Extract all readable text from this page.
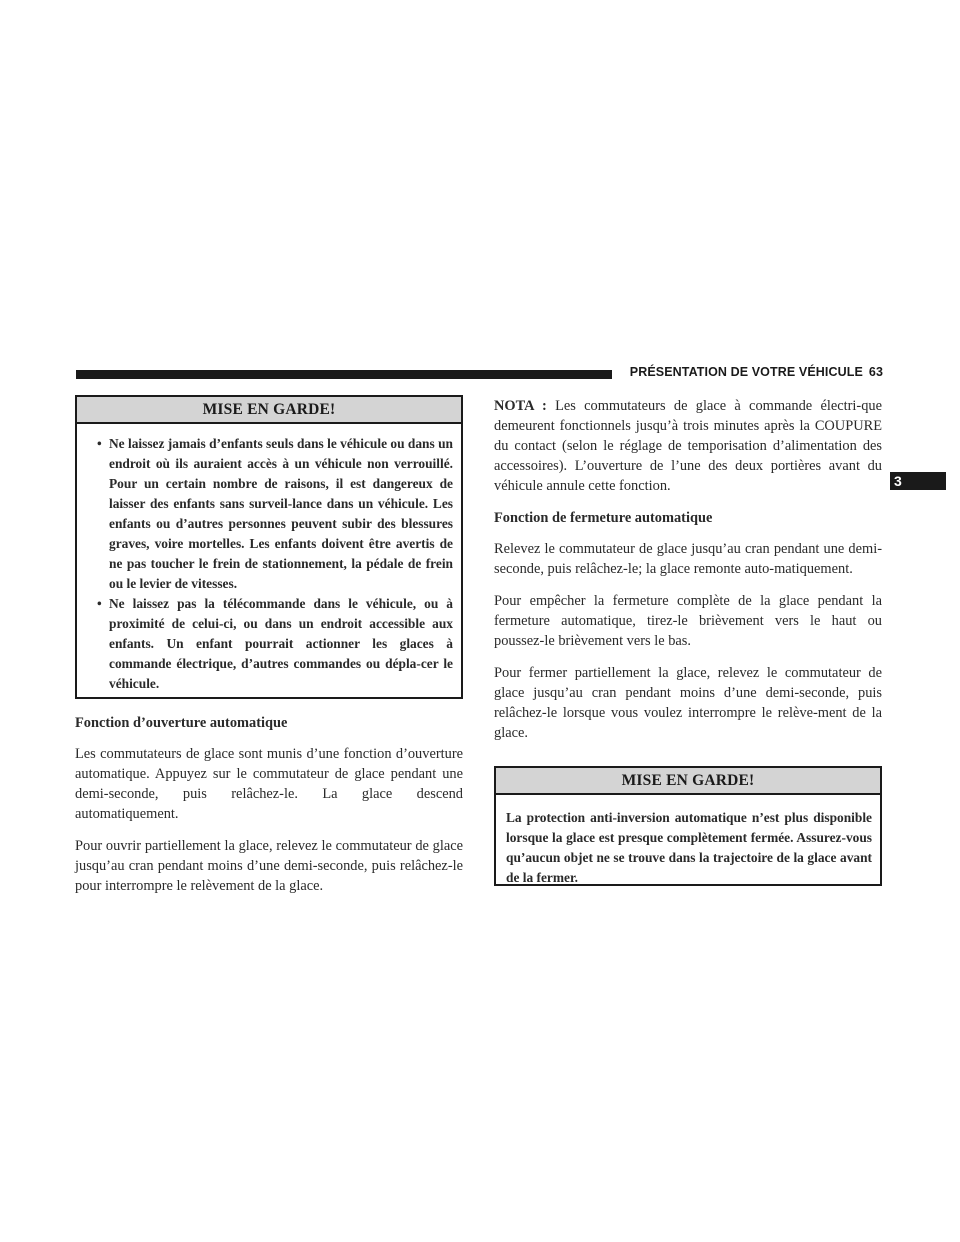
PRÉSENTATION DE VOTRE VÉHICULE 63
3
MISE EN GARDE!
• Ne laissez jamais d’enfants seuls dans le véhicule ou dans un endroit où ils auraient accès à un véhicule non verrouillé. Pour un certain nombre de raisons, il est dangereux de laisser des enfants sans surveil-lance dans un véhicule. Les enfants ou d’autres personnes peuvent subir des blessures graves, voire mortelles. Les enfants doivent être avertis de ne pas toucher le frein de stationnement, la pédale de frein ou le levier de vitesses.
• Ne laissez pas la télécommande dans le véhicule, ou à proximité de celui-ci, ou dans un endroit accessible aux enfants. Un enfant pourrait actionner les glaces à commande électrique, d’autres commandes ou dépla-cer le véhicule.

Fonction d’ouverture automatique

Les commutateurs de glace sont munis d’une fonction d’ouverture automatique. Appuyez sur le commutateur de glace pendant une demi-seconde, puis relâchez-le. La glace descend automatiquement.

Pour ouvrir partiellement la glace, relevez le commutateur de glace jusqu’au cran pendant moins d’une demi-seconde, puis relâchez-le pour interrompre le relèvement de la glace.

NOTA : Les commutateurs de glace à commande électri-que demeurent fonctionnels jusqu’à trois minutes après la COUPURE du contact (selon le réglage de temporisation d’alimentation des accessoires). L’ouverture de l’une des deux portières avant du véhicule annule cette fonction.

Fonction de fermeture automatique

Relevez le commutateur de glace jusqu’au cran pendant une demi-seconde, puis relâchez-le; la glace remonte auto-matiquement.

Pour empêcher la fermeture complète de la glace pendant la fermeture automatique, tirez-le brièvement vers le haut ou poussez-le brièvement vers le bas.

Pour fermer partiellement la glace, relevez le commutateur de glace jusqu’au cran pendant moins d’une demi-seconde, puis relâchez-le lorsque vous voulez interrompre le relève-ment de la glace.

MISE EN GARDE!
La protection anti-inversion automatique n’est plus disponible lorsque la glace est presque complètement fermée. Assurez-vous qu’aucun objet ne se trouve dans la trajectoire de la glace avant de la fermer.
